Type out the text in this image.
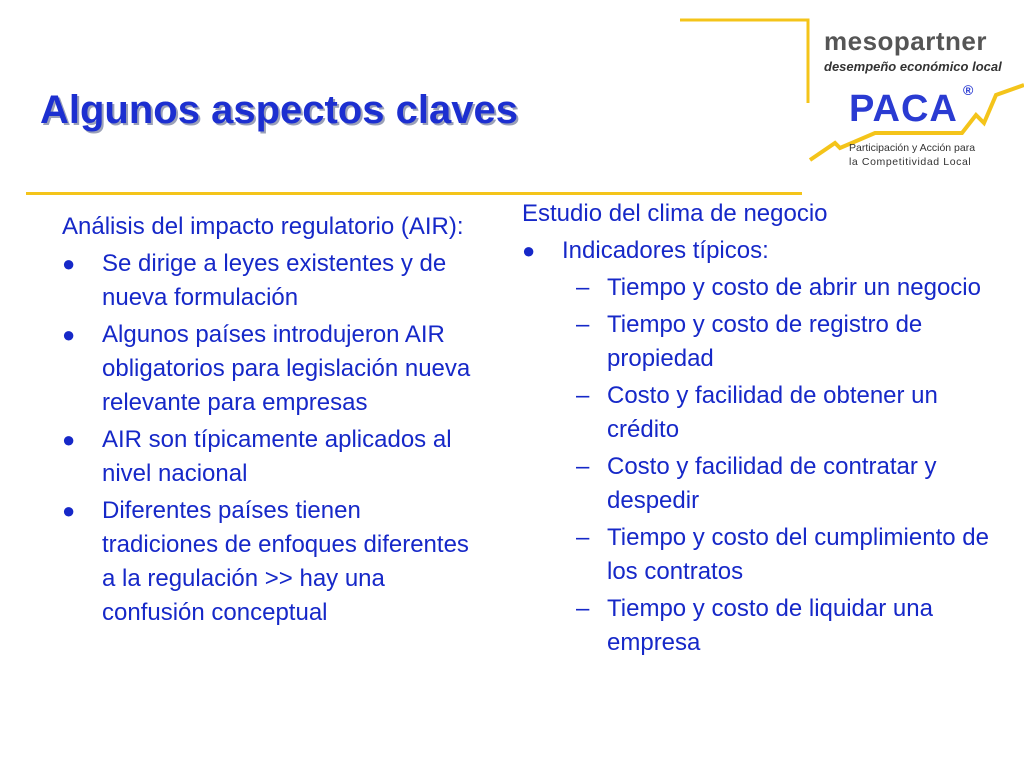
mesopartner
desempeño económico local
PACA ®
Participación y Acción para
la Competitividad Local
Algunos aspectos claves

Análisis del impacto regulatorio (AIR):

●	Se dirige a leyes existentes y de nueva formulación
●	Algunos países introdujeron AIR obligatorios para legislación nueva relevante para empresas
●	AIR son típicamente aplicados al nivel nacional
●	Diferentes países tienen tradiciones de enfoques diferentes a la regulación >> hay una confusión conceptual

Estudio del clima de negocio

●	Indicadores típicos:
– Tiempo y costo de abrir un negocio
– Tiempo y costo de registro de propiedad
– Costo y facilidad de obtener un crédito
– Costo y facilidad de contratar y despedir
– Tiempo y costo del cumplimiento de los contratos
– Tiempo y costo de liquidar una empresa
